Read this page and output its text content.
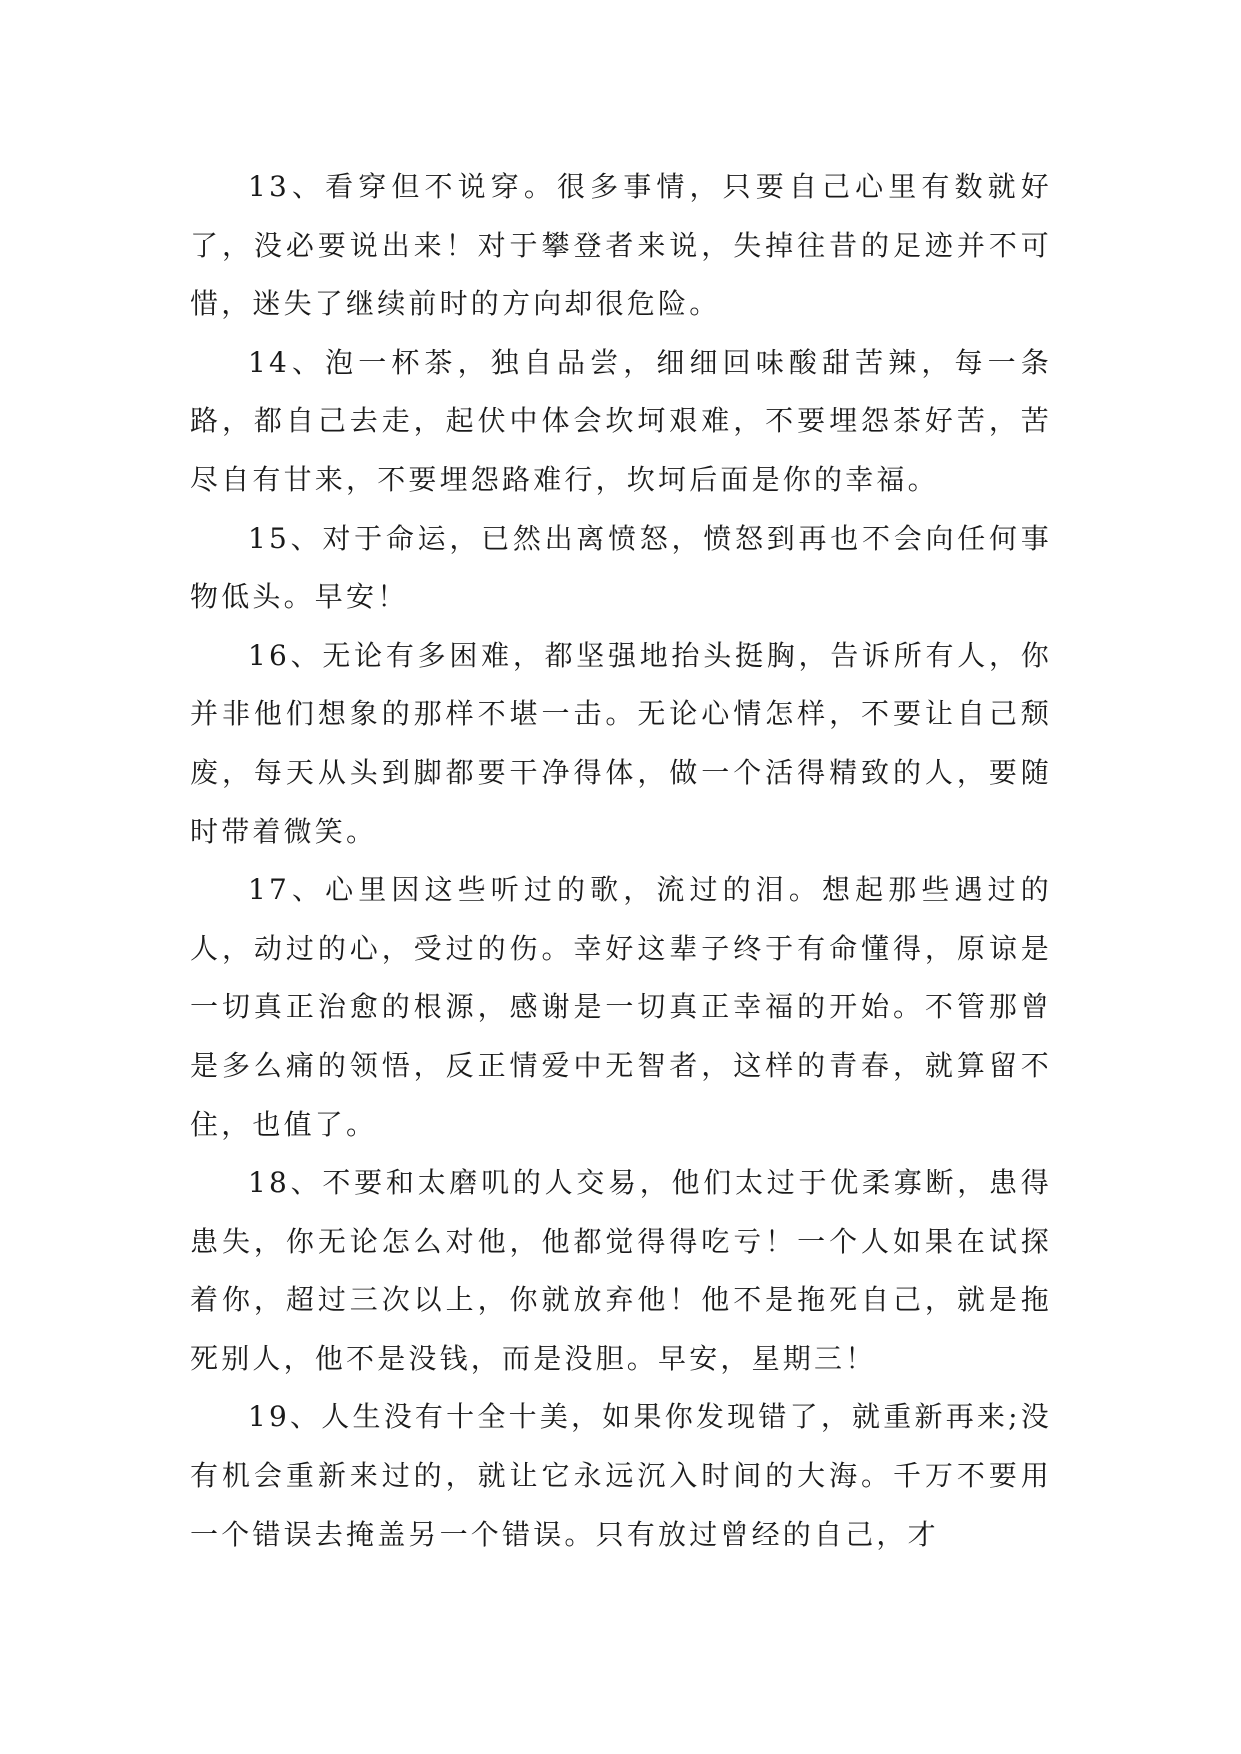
13、看穿但不说穿。很多事情，只要自己心里有数就好了，没必要说出来！对于攀登者来说，失掉往昔的足迹并不可惜，迷失了继续前时的方向却很危险。

14、泡一杯茶，独自品尝，细细回味酸甜苦辣，每一条路，都自己去走，起伏中体会坎坷艰难，不要埋怨茶好苦，苦尽自有甘来，不要埋怨路难行，坎坷后面是你的幸福。

15、对于命运，已然出离愤怒，愤怒到再也不会向任何事物低头。早安！

16、无论有多困难，都坚强地抬头挺胸，告诉所有人，你并非他们想象的那样不堪一击。无论心情怎样，不要让自己颓废，每天从头到脚都要干净得体，做一个活得精致的人，要随时带着微笑。

17、心里因这些听过的歌，流过的泪。想起那些遇过的人，动过的心，受过的伤。幸好这辈子终于有命懂得，原谅是一切真正治愈的根源，感谢是一切真正幸福的开始。不管那曾是多么痛的领悟，反正情爱中无智者，这样的青春，就算留不住，也值了。

18、不要和太磨叽的人交易，他们太过于优柔寡断，患得患失，你无论怎么对他，他都觉得得吃亏！一个人如果在试探着你，超过三次以上，你就放弃他！他不是拖死自己，就是拖死别人，他不是没钱，而是没胆。早安，星期三！

19、人生没有十全十美，如果你发现错了，就重新再来;没有机会重新来过的，就让它永远沉入时间的大海。千万不要用一个错误去掩盖另一个错误。只有放过曾经的自己，才
